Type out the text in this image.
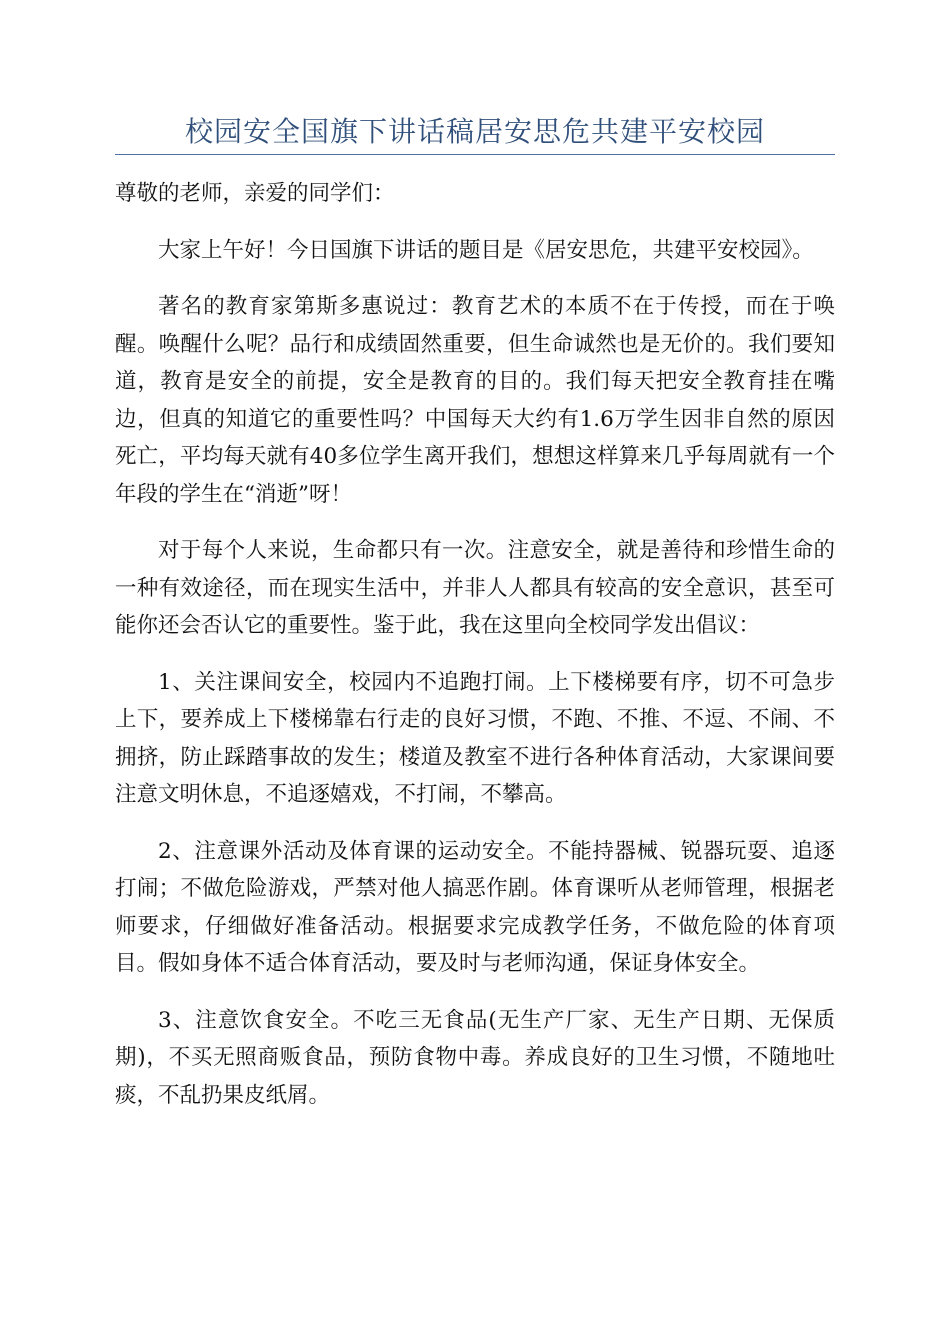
校园安全国旗下讲话稿居安思危共建平安校园

尊敬的老师，亲爱的同学们：

大家上午好！今日国旗下讲话的题目是《居安思危，共建平安校园》。

著名的教育家第斯多惠说过：教育艺术的本质不在于传授，而在于唤醒。唤醒什么呢？品行和成绩固然重要，但生命诚然也是无价的。我们要知道，教育是安全的前提，安全是教育的目的。我们每天把安全教育挂在嘴边，但真的知道它的重要性吗？中国每天大约有1.6万学生因非自然的原因死亡，平均每天就有40多位学生离开我们，想想这样算来几乎每周就有一个年段的学生在“消逝”呀！

对于每个人来说，生命都只有一次。注意安全，就是善待和珍惜生命的一种有效途径，而在现实生活中，并非人人都具有较高的安全意识，甚至可能你还会否认它的重要性。鉴于此，我在这里向全校同学发出倡议：

1、关注课间安全，校园内不追跑打闹。上下楼梯要有序，切不可急步上下，要养成上下楼梯靠右行走的良好习惯，不跑、不推、不逗、不闹、不拥挤，防止踩踏事故的发生；楼道及教室不进行各种体育活动，大家课间要注意文明休息，不追逐嬉戏，不打闹，不攀高。

2、注意课外活动及体育课的运动安全。不能持器械、锐器玩耍、追逐打闹；不做危险游戏，严禁对他人搞恶作剧。体育课听从老师管理，根据老师要求，仔细做好准备活动。根据要求完成教学任务，不做危险的体育项目。假如身体不适合体育活动，要及时与老师沟通，保证身体安全。

3、注意饮食安全。不吃三无食品(无生产厂家、无生产日期、无保质期)，不买无照商贩食品，预防食物中毒。养成良好的卫生习惯，不随地吐痰，不乱扔果皮纸屑。
